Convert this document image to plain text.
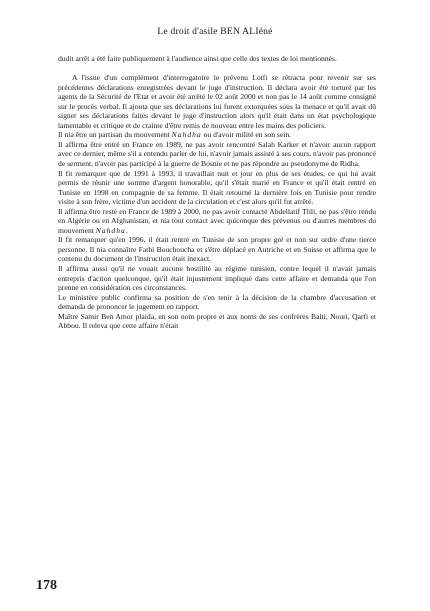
Le droit d'asile BEN ALIéné

dudit arrêt a été faite publiquement à l'audience ainsi que celle des textes de loi mentionnés.

A l'issue d'un complément d'interrogatoire le prévenu Lotfi se rétracta pour revenir sur ses précédentes déclarations enregistrées devant le juge d'instruction. Il déclara avoir été torturé par les agents de la Sécurité de l'Etat et avoir été arrêté le 02 août 2000 et non pas le 14 août comme consigné sur le procès verbal. Il ajouta que ses déclarations lui furent extorquées sous la menace et qu'il avait dû signer ses déclarations faites devant le juge d'instruction alors qu'il était dans un état psychologique lamentable et critique et de crainte d'être remis de nouveau entre les mains des policiers.

Il nia être un partisan du mouvement Nahdha ou d'avoir milité en son sein.

Il affirma être entré en France en 1989, ne pas avoir rencontré Salah Karker et n'avoir aucun rapport avec ce dernier, même s'il a entendu parler de lui, n'avoir jamais assisté à ses cours, n'avoir pas prononcé de serment, n'avoir pas participé à la guerre de Bosnie et ne pas répondre au pseudonyme de Ridha.

Il fit remarquer que de 1991 à 1993, il travaillait nuit et jour en plus de ses études, ce qui lui avait permis de réunir une somme d'argent honorable, qu'il s'était marié en France et qu'il était rentré en Tunisie en 1998 en compagnie de sa femme. Il était retourné la dernière fois en Tunisie pour rendre visite à son frère, victime d'un accident de la circulation et c'est alors qu'il fut arrêté.

Il affirma être resté en France de 1989 à 2000, ne pas avoir contacté Abdellatif Tlili, ne pas s'être rendu en Algérie ou en Afghanistan, et nia tout contact avec quiconque des prévenus ou d'autres membres du mouvement Nahdha.

Il fit remarquer qu'en 1996, il était rentré en Tunisie de son propre gré et non sur ordre d'une tierce personne. Il nia connaître Fathi Bouchoucha et s'être déplacé en Autriche et en Suisse et affirma que le contenu du document de l'instruction était inexact.

Il affirma aussi qu'il ne vouait aucune hostilité au régime tunisien, contre lequel il n'avait jamais entrepris d'action quelconque, qu'il était injustement impliqué dans cette affaire et demanda que l'on prenne en considération ces circonstances.

Le ministère public confirma sa position de s'en tenir à la décision de la chambre d'accusation et demanda de prononcer le jugement en rapport.

Maître Samir Ben Amor plaida, en son nom propre et aux noms de ses confrères Balti, Nouri, Qarfi et Abbou. Il releva que cette affaire n'était

178
